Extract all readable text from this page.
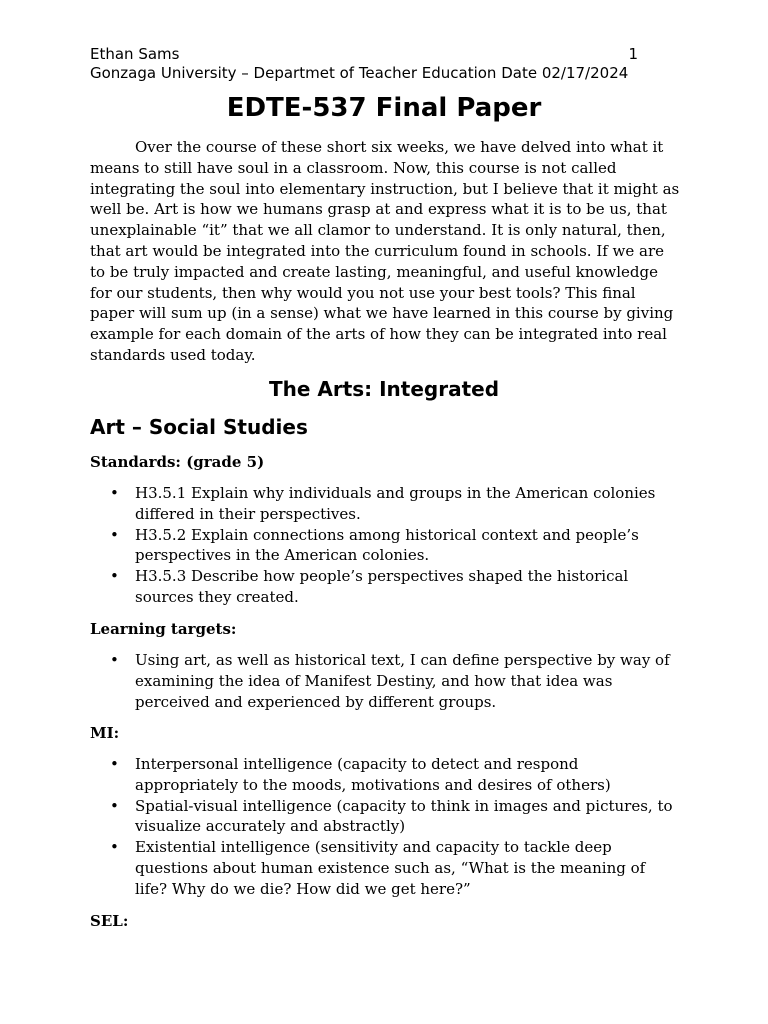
Ethan Sams	1
Gonzaga University – Departmet of Teacher Education Date 02/17/2024
EDTE-537 Final Paper

Over the course of these short six weeks, we have delved into what it means to still have soul in a classroom. Now, this course is not called integrating the soul into elementary instruction, but I believe that it might as well be. Art is how we humans grasp at and express what it is to be us, that unexplainable “it” that we all clamor to understand. It is only natural, then, that art would be integrated into the curriculum found in schools. If we are to be truly impacted and create lasting, meaningful, and useful knowledge for our students, then why would you not use your best tools? This final paper will sum up (in a sense) what we have learned in this course by giving example for each domain of the arts of how they can be integrated into real standards used today.

The Arts: Integrated
Art – Social Studies

Standards: (grade 5)

• H3.5.1 Explain why individuals and groups in the American colonies differed in their perspectives.
• H3.5.2 Explain connections among historical context and people’s perspectives in the American colonies.
• H3.5.3 Describe how people’s perspectives shaped the historical sources they created.

Learning targets:

• Using art, as well as historical text, I can define perspective by way of examining the idea of Manifest Destiny, and how that idea was perceived and experienced by different groups.

MI:

• Interpersonal intelligence (capacity to detect and respond appropriately to the moods, motivations and desires of others)
• Spatial-visual intelligence (capacity to think in images and pictures, to visualize accurately and abstractly)
• Existential intelligence (sensitivity and capacity to tackle deep questions about human existence such as, “What is the meaning of life? Why do we die? How did we get here?”

SEL:
